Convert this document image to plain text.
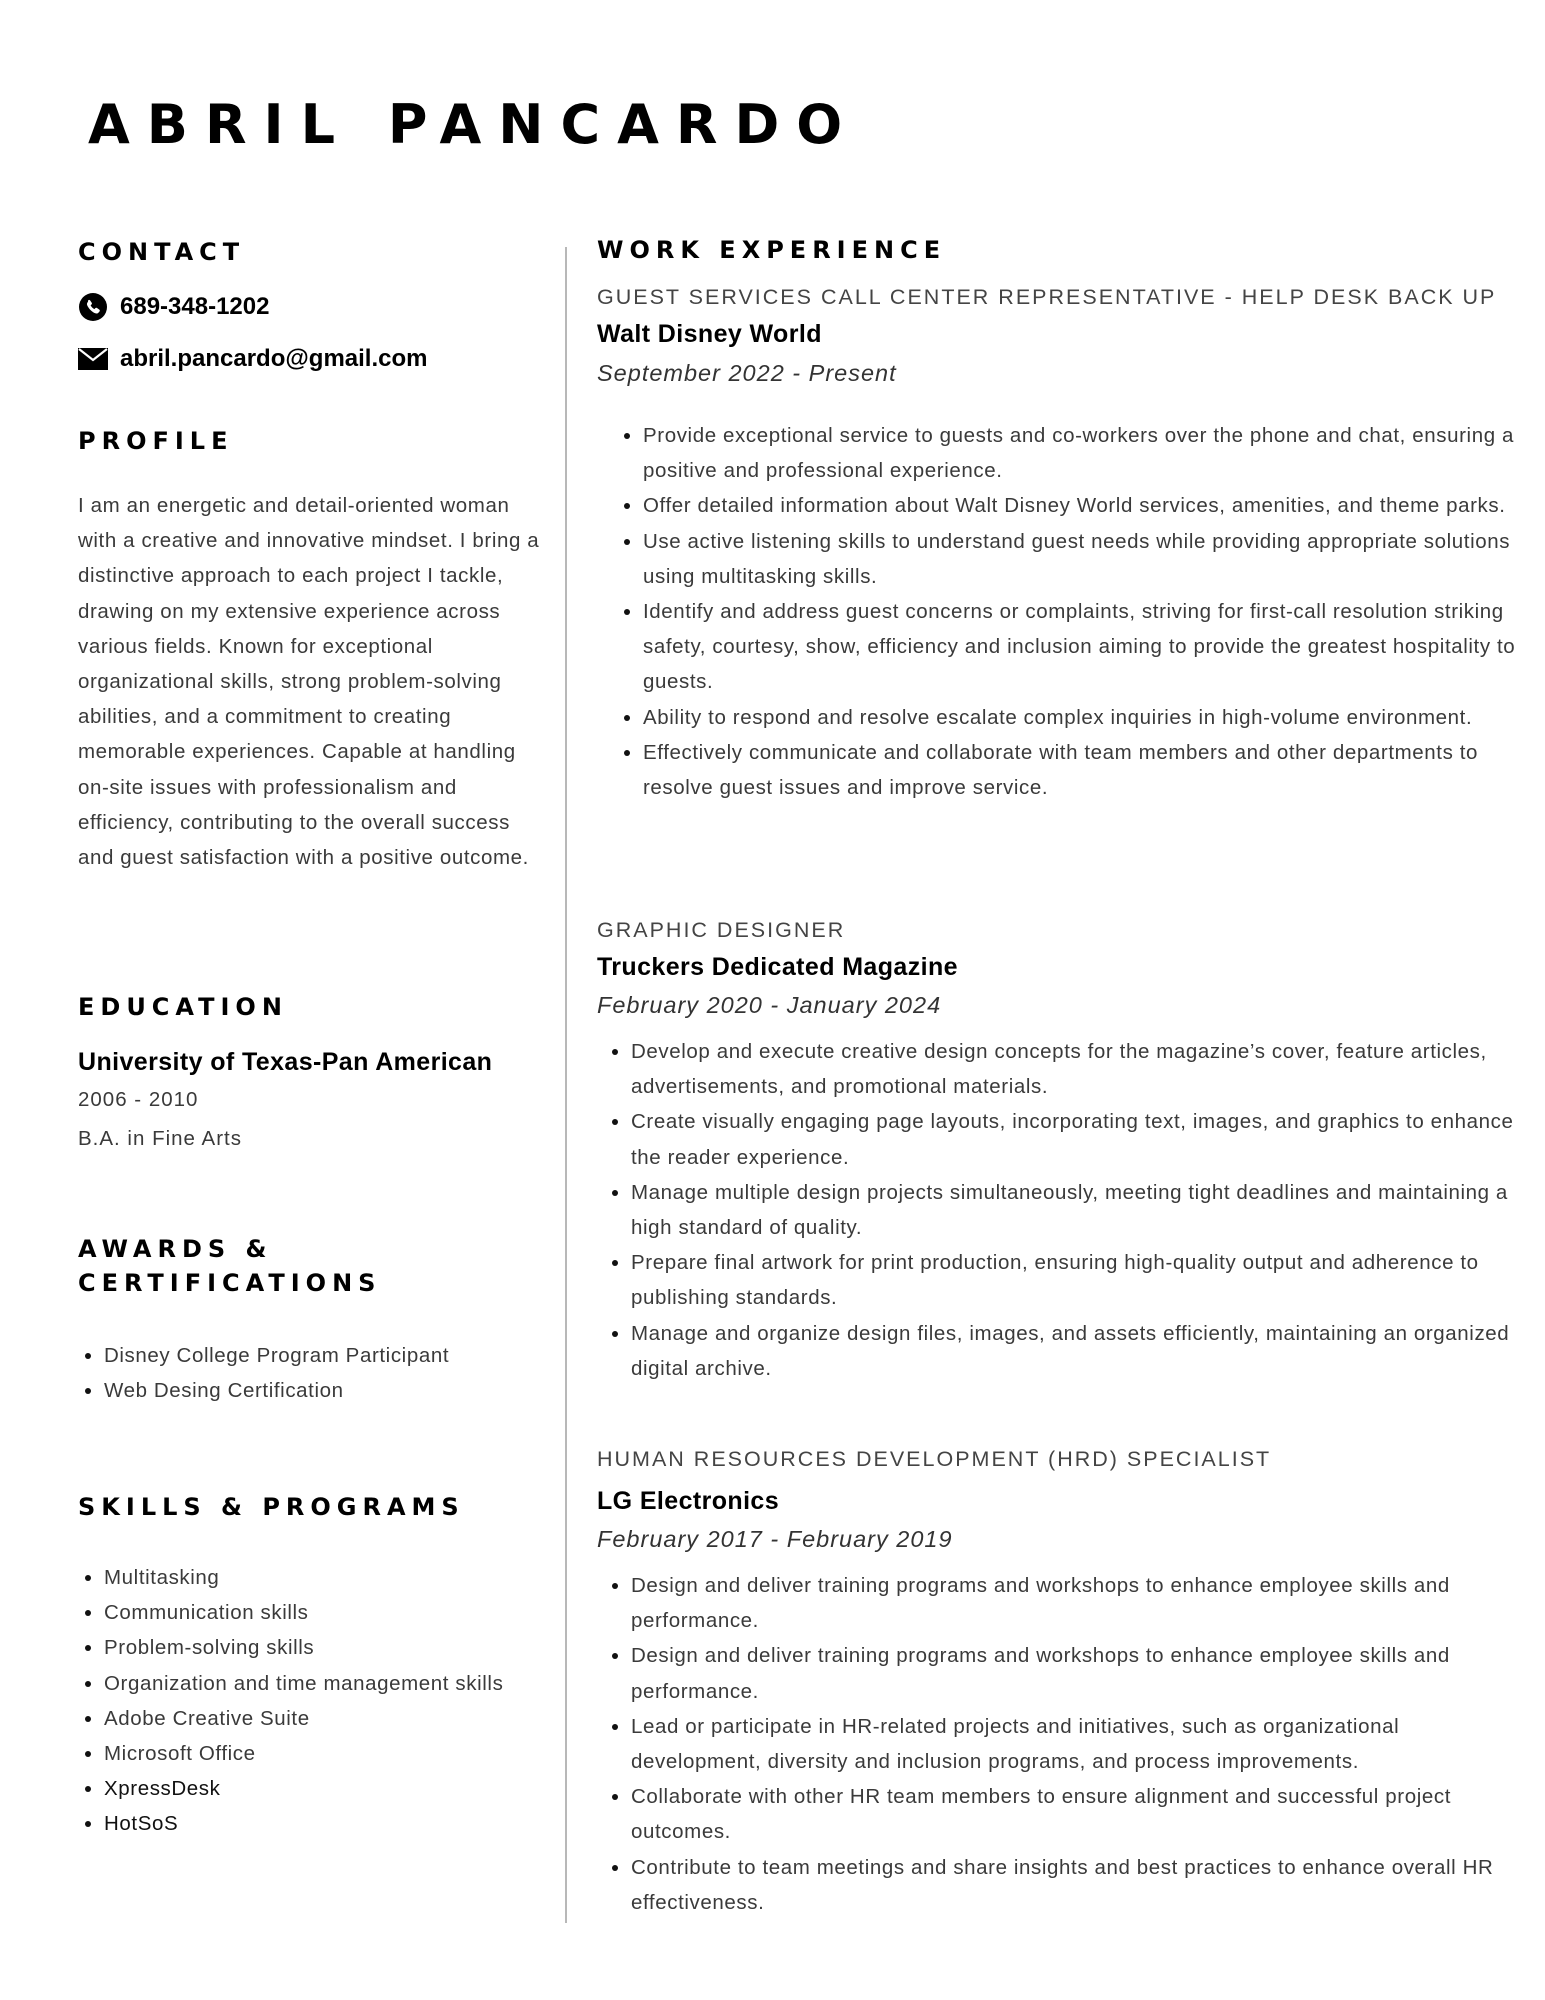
ABRIL PANCARDO
CONTACT
689-348-1202
abril.pancardo@gmail.com
PROFILE

I am an energetic and detail-oriented woman with a creative and innovative mindset. I bring a distinctive approach to each project I tackle, drawing on my extensive experience across various fields. Known for exceptional organizational skills, strong problem-solving abilities, and a commitment to creating memorable experiences. Capable at handling on-site issues with professionalism and efficiency, contributing to the overall success and guest satisfaction with a positive outcome.

EDUCATION
University of Texas-Pan American
2006 - 2010
B.A. in Fine Arts
AWARDS &
CERTIFICATIONS
• Disney College Program Participant
• Web Desing Certification
SKILLS & PROGRAMS
• Multitasking
• Communication skills
• Problem-solving skills
• Organization and time management skills
• Adobe Creative Suite
• Microsoft Office
• XpressDesk
• HotSoS
WORK EXPERIENCE
GUEST SERVICES CALL CENTER REPRESENTATIVE - HELP DESK BACK UP
Walt Disney World
September 2022 - Present
• Provide exceptional service to guests and co-workers over the phone and chat, ensuring a positive and professional experience.
• Offer detailed information about Walt Disney World services, amenities, and theme parks.
• Use active listening skills to understand guest needs while providing appropriate solutions using multitasking skills.
• Identify and address guest concerns or complaints, striving for first-call resolution striking safety, courtesy, show, efficiency and inclusion aiming to provide the greatest hospitality to guests.
• Ability to respond and resolve escalate complex inquiries in high-volume environment.
• Effectively communicate and collaborate with team members and other departments to resolve guest issues and improve service.
GRAPHIC DESIGNER
Truckers Dedicated Magazine
February 2020 - January 2024
• Develop and execute creative design concepts for the magazine’s cover, feature articles, advertisements, and promotional materials.
• Create visually engaging page layouts, incorporating text, images, and graphics to enhance the reader experience.
• Manage multiple design projects simultaneously, meeting tight deadlines and maintaining a high standard of quality.
• Prepare final artwork for print production, ensuring high-quality output and adherence to publishing standards.
• Manage and organize design files, images, and assets efficiently, maintaining an organized digital archive.
HUMAN RESOURCES DEVELOPMENT (HRD) SPECIALIST
LG Electronics
February 2017 - February 2019
• Design and deliver training programs and workshops to enhance employee skills and performance.
• Design and deliver training programs and workshops to enhance employee skills and performance.
• Lead or participate in HR-related projects and initiatives, such as organizational development, diversity and inclusion programs, and process improvements.
• Collaborate with other HR team members to ensure alignment and successful project outcomes.
• Contribute to team meetings and share insights and best practices to enhance overall HR effectiveness.
